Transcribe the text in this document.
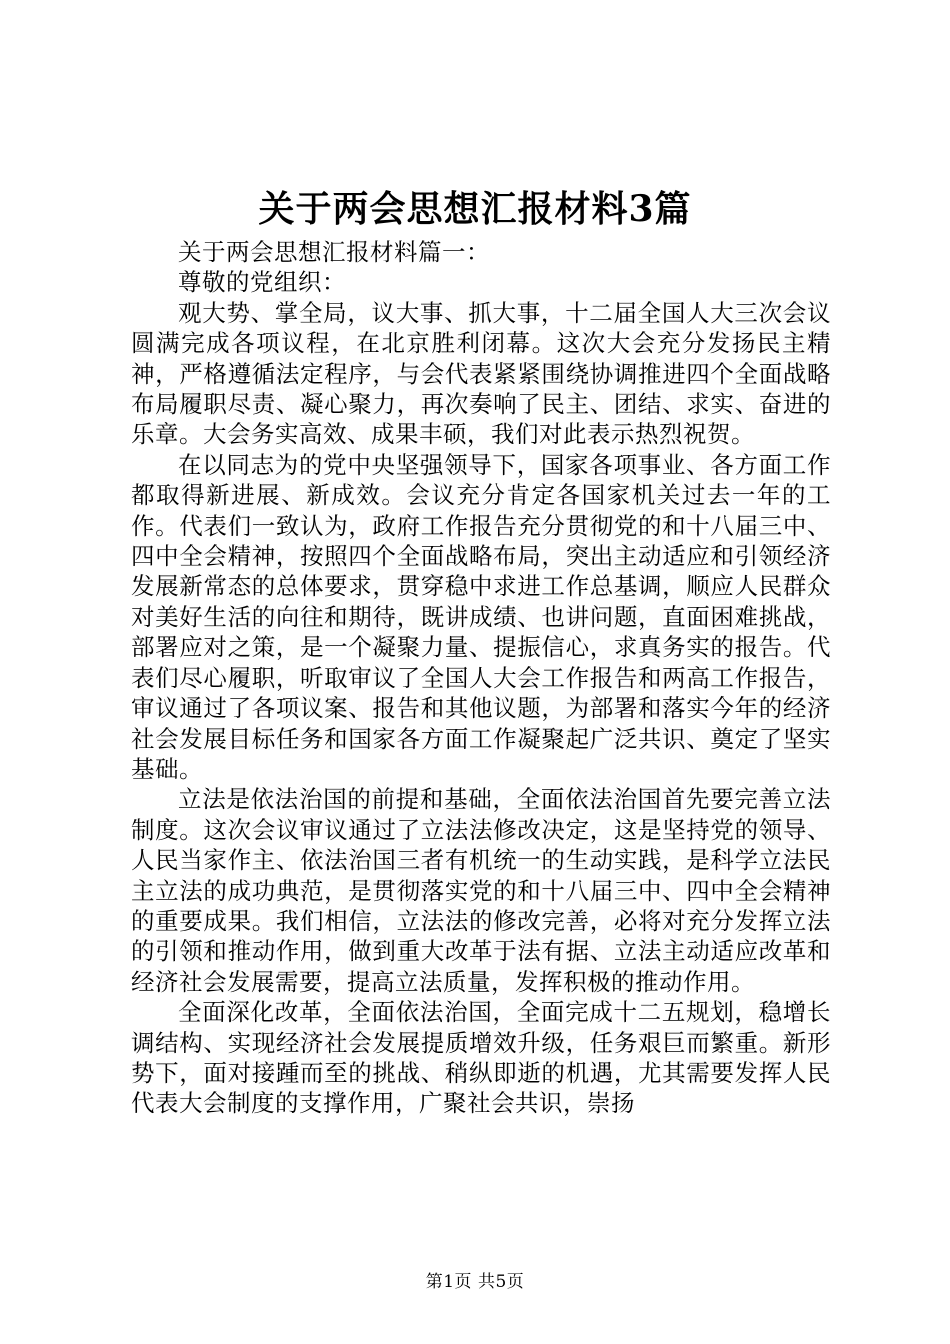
关于两会思想汇报材料3篇

关于两会思想汇报材料篇一：

尊敬的党组织：

观大势、掌全局，议大事、抓大事，十二届全国人大三次会议圆满完成各项议程，在北京胜利闭幕。这次大会充分发扬民主精神，严格遵循法定程序，与会代表紧紧围绕协调推进四个全面战略布局履职尽责、凝心聚力，再次奏响了民主、团结、求实、奋进的乐章。大会务实高效、成果丰硕，我们对此表示热烈祝贺。

在以同志为的党中央坚强领导下，国家各项事业、各方面工作都取得新进展、新成效。会议充分肯定各国家机关过去一年的工作。代表们一致认为，政府工作报告充分贯彻党的和十八届三中、四中全会精神，按照四个全面战略布局，突出主动适应和引领经济发展新常态的总体要求，贯穿稳中求进工作总基调，顺应人民群众对美好生活的向往和期待，既讲成绩、也讲问题，直面困难挑战，部署应对之策，是一个凝聚力量、提振信心，求真务实的报告。代表们尽心履职，听取审议了全国人大会工作报告和两高工作报告，审议通过了各项议案、报告和其他议题，为部署和落实今年的经济社会发展目标任务和国家各方面工作凝聚起广泛共识、奠定了坚实基础。

立法是依法治国的前提和基础，全面依法治国首先要完善立法制度。这次会议审议通过了立法法修改决定，这是坚持党的领导、人民当家作主、依法治国三者有机统一的生动实践，是科学立法民主立法的成功典范，是贯彻落实党的和十八届三中、四中全会精神的重要成果。我们相信，立法法的修改完善，必将对充分发挥立法的引领和推动作用，做到重大改革于法有据、立法主动适应改革和经济社会发展需要，提高立法质量，发挥积极的推动作用。

全面深化改革，全面依法治国，全面完成十二五规划，稳增长调结构、实现经济社会发展提质增效升级，任务艰巨而繁重。新形势下，面对接踵而至的挑战、稍纵即逝的机遇，尤其需要发挥人民代表大会制度的支撑作用，广聚社会共识，崇扬

第1页 共5页
